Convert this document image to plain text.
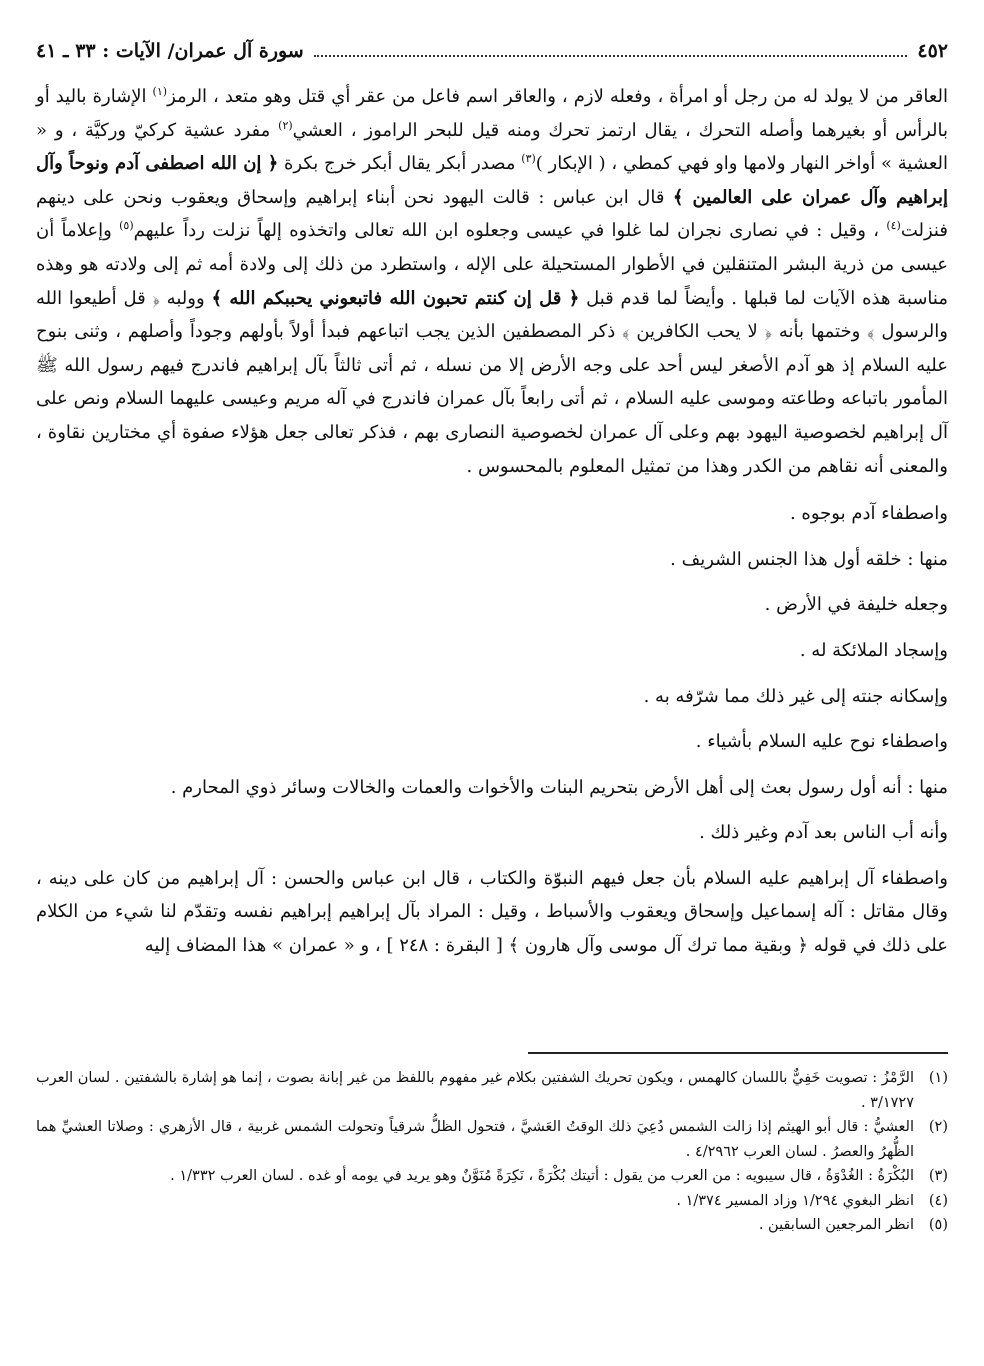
٤٥٢
سورة آل عمران/ الآيات : ٣٣ ـ ٤١

العاقر من لا يولد له من رجل أو امرأة ، وفعله لازم ، والعاقر اسم فاعل من عقر أي قتل وهو متعد ، الرمز$^{(١)}$ الإشارة باليد أو بالرأس أو بغيرهما وأصله التحرك ، يقال ارتمز تحرك ومنه قيل للبحر الراموز ، العشي$^{(٢)}$ مفرد عشية كركيّ وركيَّة ، و « العشية » أواخر النهار ولامها واو فهي كمطي ، ( الإبكار )$^{(٣)}$ مصدر أبكر يقال أبكر خرج بكرة ﴿ إن الله اصطفى آدم ونوحاً وآل إبراهيم وآل عمران على العالمين ﴾ قال ابن عباس : قالت اليهود نحن أبناء إبراهيم وإسحاق ويعقوب ونحن على دينهم فنزلت$^{(٤)}$ ، وقيل : في نصارى نجران لما غلوا في عيسى وجعلوه ابن الله تعالى واتخذوه إلهاً نزلت رداً عليهم$^{(٥)}$ وإعلاماً أن عيسى من ذرية البشر المتنقلين في الأطوار المستحيلة على الإله ، واستطرد من ذلك إلى ولادة أمه ثم إلى ولادته هو وهذه مناسبة هذه الآيات لما قبلها . وأيضاً لما قدم قبل ﴿ قل إن كنتم تحبون الله فاتبعوني يحببكم الله ﴾ وولبه ﴿ قل أطيعوا الله والرسول ﴾ وختمها بأنه ﴿ لا يحب الكافرين ﴾ ذكر المصطفين الذين يجب اتباعهم فبدأ أولاً بأولهم وجوداً وأصلهم ، وثنى بنوح عليه السلام إذ هو آدم الأصغر ليس أحد على وجه الأرض إلا من نسله ، ثم أتى ثالثاً بآل إبراهيم فاندرج فيهم رسول الله ﷺ المأمور باتباعه وطاعته وموسى عليه السلام ، ثم أتى رابعاً بآل عمران فاندرج في آله مريم وعيسى عليهما السلام ونص على آل إبراهيم لخصوصية اليهود بهم وعلى آل عمران لخصوصية النصارى بهم ، فذكر تعالى جعل هؤلاء صفوة أي مختارين نقاوة ، والمعنى أنه نقاهم من الكدر وهذا من تمثيل المعلوم بالمحسوس .

واصطفاء آدم بوجوه .
منها : خلقه أول هذا الجنس الشريف .
وجعله خليفة في الأرض .
وإسجاد الملائكة له .
وإسكانه جنته إلى غير ذلك مما شرّفه به .
واصطفاء نوح عليه السلام بأشياء .
منها : أنه أول رسول بعث إلى أهل الأرض بتحريم البنات والأخوات والعمات والخالات وسائر ذوي المحارم .
وأنه أب الناس بعد آدم وغير ذلك .

واصطفاء آل إبراهيم عليه السلام بأن جعل فيهم النبوّة والكتاب ، قال ابن عباس والحسن : آل إبراهيم من كان على دينه ، وقال مقاتل : آله إسماعيل وإسحاق ويعقوب والأسباط ، وقيل : المراد بآل إبراهيم إبراهيم نفسه وتقدّم لنا شيء من الكلام على ذلك في قوله ﴿ وبقية مما ترك آل موسى وآل هارون ﴾ [ البقرة : ٢٤٨ ] ، و « عمران » هذا المضاف إليه

(١)
الرَّمْزُ : تصويت خَفِيٌّ باللسان كالهمس ، ويكون تحريك الشفتين بكلام غير مفهوم باللفظ من غير إبانة بصوت ، إنما هو إشارة بالشفتين . لسان العرب ٣/١٧٢٧ .
(٢)
العشيُّ : قال أبو الهيثم إذا زالت الشمس دُعِيَ ذلك الوقتُ العَشيَّ ، فتحول الظلُّ شرقياً وتحولت الشمس غربية ، قال الأزهري : وصلاتا العشيِّ هما الظُّهرُ والعصرُ . لسان العرب ٤/٢٩٦٢ .
(٣)
البُكْرَةُ : الغُدْوَةُ ، قال سيبويه : من العرب من يقول : أتيتك بُكْرَةً ، نَكِرَةً مُنَوَّنٌ وهو يريد في يومه أو غده . لسان العرب ١/٣٣٢ .
(٤)
انظر البغوي ١/٢٩٤ وزاد المسير ١/٣٧٤ .
(٥)
انظر المرجعين السابقين .
